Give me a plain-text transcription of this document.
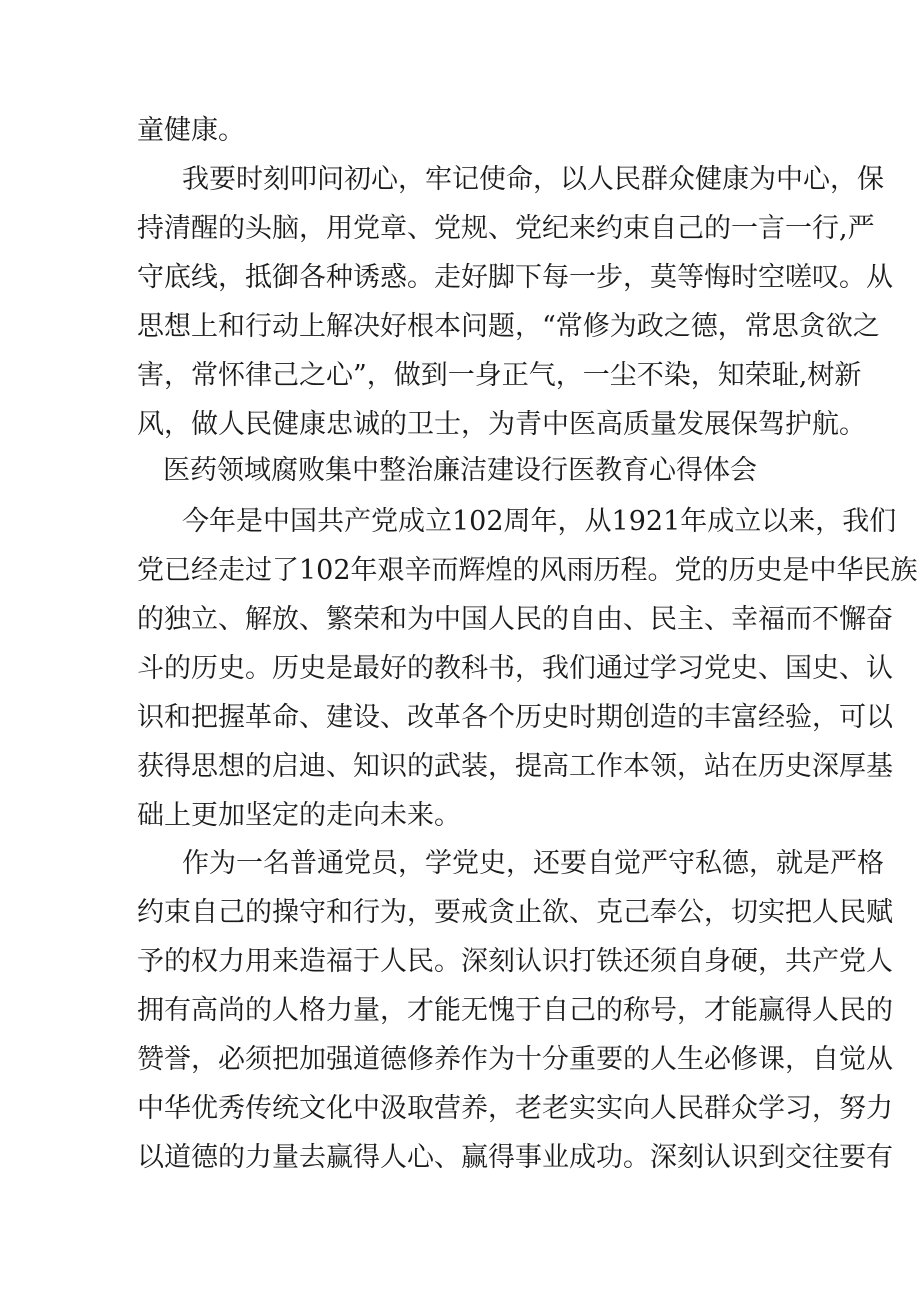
童健康。
我要时刻叩问初心，牢记使命，以人民群众健康为中心，保
持清醒的头脑，用党章、党规、党纪来约束自己的一言一行,严
守底线，抵御各种诱惑。走好脚下每一步，莫等悔时空嗟叹。从
思想上和行动上解决好根本问题，“常修为政之德，常思贪欲之
害，常怀律己之心”，做到一身正气，一尘不染，知荣耻,树新
风，做人民健康忠诚的卫士，为青中医高质量发展保驾护航。
医药领域腐败集中整治廉洁建设行医教育心得体会
今年是中国共产党成立102周年，从1921年成立以来，我们
党已经走过了102年艰辛而辉煌的风雨历程。党的历史是中华民族
的独立、解放、繁荣和为中国人民的自由、民主、幸福而不懈奋
斗的历史。历史是最好的教科书，我们通过学习党史、国史、认
识和把握革命、建设、改革各个历史时期创造的丰富经验，可以
获得思想的启迪、知识的武装，提高工作本领，站在历史深厚基
础上更加坚定的走向未来。
作为一名普通党员，学党史，还要自觉严守私德，就是严格
约束自己的操守和行为，要戒贪止欲、克己奉公，切实把人民赋
予的权力用来造福于人民。深刻认识打铁还须自身硬，共产党人
拥有高尚的人格力量，才能无愧于自己的称号，才能赢得人民的
赞誉，必须把加强道德修养作为十分重要的人生必修课，自觉从
中华优秀传统文化中汲取营养，老老实实向人民群众学习，努力
以道德的力量去赢得人心、赢得事业成功。深刻认识到交往要有
